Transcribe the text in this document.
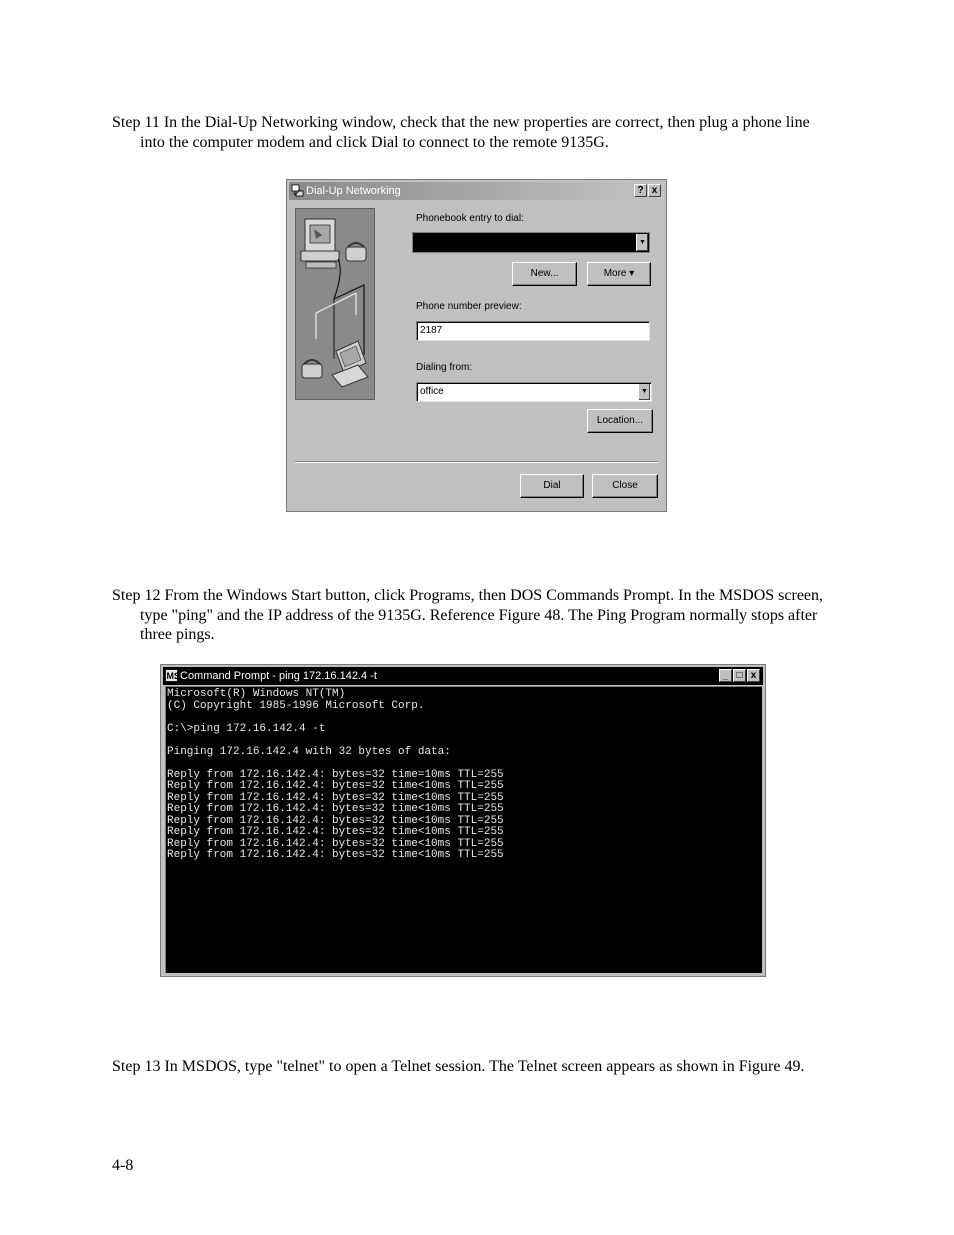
Step 11 In the Dial-Up Networking window, check that the new properties are correct, then plug a phone line into the computer modem and click Dial to connect to the remote 9135G.
Dial-Up Networking	? x
Phonebook entry to dial:
▼
New...	More ▾
Phone number preview:
2187
Dialing from:
office	▼
Location...
Dial	Close
Step 12 From the Windows Start button, click Programs, then DOS Commands Prompt. In the MSDOS screen, type "ping" and the IP address of the 9135G. Reference Figure 48. The Ping Program normally stops after three pings.
MS Command Prompt - ping 172.16.142.4 -t	_ □ x
Microsoft(R) Windows NT(TM)
(C) Copyright 1985-1996 Microsoft Corp.
C:\>ping 172.16.142.4 -t
Pinging 172.16.142.4 with 32 bytes of data:
Reply from 172.16.142.4: bytes=32 time=10ms TTL=255
Reply from 172.16.142.4: bytes=32 time<10ms TTL=255
Reply from 172.16.142.4: bytes=32 time<10ms TTL=255
Reply from 172.16.142.4: bytes=32 time<10ms TTL=255
Reply from 172.16.142.4: bytes=32 time<10ms TTL=255
Reply from 172.16.142.4: bytes=32 time<10ms TTL=255
Reply from 172.16.142.4: bytes=32 time<10ms TTL=255
Reply from 172.16.142.4: bytes=32 time<10ms TTL=255
Step 13 In MSDOS, type "telnet" to open a Telnet session. The Telnet screen appears as shown in Figure 49.
4-8
